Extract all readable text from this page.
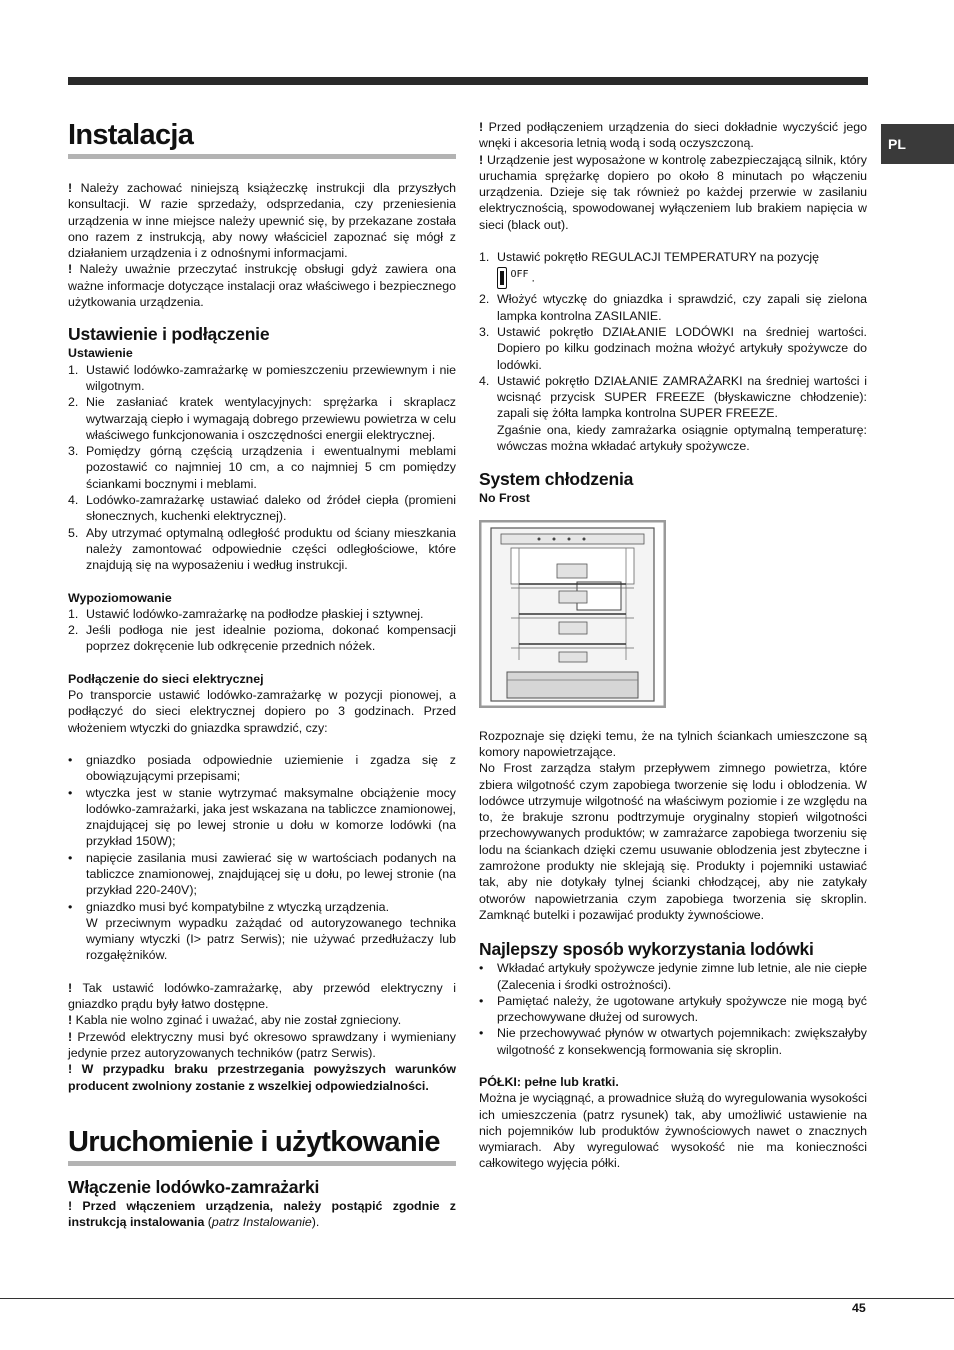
PL
Instalacja

! Należy zachować niniejszą książeczkę instrukcji dla przyszłych konsultacji. W razie sprzedaży, odsprzedania, czy przeniesienia urządzenia w inne miejsce należy upewnić się, by przekazane została ono razem z instrukcją, aby nowy właściciel zapoznać się mógł z działaniem urządzenia i z odnośnymi informacjami.

! Należy uważnie przeczytać instrukcję obsługi gdyż zawiera ona ważne informacje dotyczące instalacji oraz właściwego i bezpiecznego użytkowania urządzenia.

Ustawienie i podłączenie
Ustawienie
1. Ustawić lodówko-zamrażarkę w pomieszczeniu przewiewnym i nie wilgotnym.
2. Nie zasłaniać kratek wentylacyjnych: sprężarka i skraplacz wytwarzają ciepło i wymagają dobrego przewiewu powietrza w celu właściwego funkcjonowania i oszczędności energii elektrycznej.
3. Pomiędzy górną częścią urządzenia i ewentualnymi meblami pozostawić co najmniej 10 cm, a co najmniej 5 cm pomiędzy ściankami bocznymi i meblami.
4. Lodówko-zamrażarkę ustawiać daleko od źródeł ciepła (promieni słonecznych, kuchenki elektrycznej).
5. Aby utrzymać optymalną odległość produktu od ściany mieszkania należy zamontować odpowiednie części odległościowe, które znajdują się na wyposażeniu i według instrukcji.
Wypoziomowanie
1. Ustawić lodówko-zamrażarkę na podłodze płaskiej i sztywnej.
2. Jeśli podłoga nie jest idealnie pozioma, dokonać kompensacji poprzez dokręcenie lub odkręcenie przednich nóżek.
Podłączenie do sieci elektrycznej

Po transporcie ustawić lodówko-zamrażarkę w pozycji pionowej, a podłączyć do sieci elektrycznej dopiero po 3 godzinach. Przed włożeniem wtyczki do gniazdka sprawdzić, czy:

• gniazdko posiada odpowiednie uziemienie i zgadza się z obowiązującymi przepisami;
• wtyczka jest w stanie wytrzymać maksymalne obciążenie mocy lodówko-zamrażarki, jaka jest wskazana na tabliczce znamionowej, znajdującej się po lewej stronie u dołu w komorze lodówki (na przykład 150W);
• napięcie zasilania musi zawierać się w wartościach podanych na tabliczce znamionowej, znajdującej się u dołu, po lewej stronie (na przykład 220-240V);
• gniazdko musi być kompatybilne z wtyczką urządzenia.
W przeciwnym wypadku zażądać od autoryzowanego technika wymiany wtyczki (I> patrz Serwis); nie używać przedłużaczy lub rozgałężników.

! Tak ustawić lodówko-zamrażarkę, aby przewód elektryczny i gniazdko prądu były łatwo dostępne.

! Kabla nie wolno zginać i uważać, aby nie został zgnieciony.

! Przewód elektryczny musi być okresowo sprawdzany i wymieniany jedynie przez autoryzowanych techników (patrz Serwis).

! W przypadku braku przestrzegania powyższych warunków producent zwolniony zostanie z wszelkiej odpowiedzialności.

Uruchomienie i użytkowanie
Włączenie lodówko-zamrażarki

! Przed włączeniem urządzenia, należy postąpić zgodnie z instrukcją instalowania (patrz Instalowanie).

! Przed podłączeniem urządzenia do sieci dokładnie wyczyścić jego wnęki i akcesoria letnią wodą i sodą oczyszczoną.

! Urządzenie jest wyposażone w kontrolę zabezpieczającą silnik, który uruchamia sprężarkę dopiero po około 8 minutach po włączeniu urządzenia. Dzieje się tak również po każdej przerwie w zasilaniu elektrycznością, spowodowanej wyłączeniem lub brakiem napięcia w sieci (black out).

1. Ustawić pokrętło REGULACJI TEMPERATURY na pozycję
$^{OFF}$ .
2. Włożyć wtyczkę do gniazdka i sprawdzić, czy zapali się zielona lampka kontrolna ZASILANIE.
3. Ustawić pokrętło DZIAŁANIE LODÓWKI na średniej wartości. Dopiero po kilku godzinach można włożyć artykuły spożywcze do lodówki.
4. Ustawić pokrętło DZIAŁANIE ZAMRAŻARKI na średniej wartości i wcisnąć przycisk SUPER FREEZE (błyskawiczne chłodzenie): zapali się żółta lampka kontrolna SUPER FREEZE.
Zgaśnie ona, kiedy zamrażarka osiągnie optymalną temperaturę: wówczas można wkładać artykuły spożywcze.
System chłodzenia
No Frost

Rozpoznaje się dzięki temu, że na tylnich ściankach umieszczone są komory napowietrzające.

No Frost zarządza stałym przepływem zimnego powietrza, które zbiera wilgotność czym zapobiega tworzenie się lodu i oblodzenia. W lodówce utrzymuje wilgotność na właściwym poziomie i ze względu na to, że brakuje szronu podtrzymuje oryginalny stopień wilgotności przechowywanych produktów; w zamrażarce zapobiega tworzeniu się lodu na ściankach dzięki czemu usuwanie oblodzenia jest zbyteczne i zamrożone produkty nie sklejają się. Produkty i pojemniki ustawiać tak, aby nie dotykały tylnej ścianki chłodzącej, aby nie zatykały otworów napowietrzania czym zapobiega tworzenia się skroplin. Zamknąć butelki i pozawijać produkty żywnościowe.

Najlepszy sposób wykorzystania lodówki
• Wkładać artykuły spożywcze jedynie zimne lub letnie, ale nie ciepłe (Zalecenia i środki ostrożności).
• Pamiętać należy, że ugotowane artykuły spożywcze nie mogą być przechowywane dłużej od surowych.
• Nie przechowywać płynów w otwartych pojemnikach: zwiększałyby wilgotność z konsekwencją formowania się skroplin.
PÓŁKI: pełne lub kratki.

Można je wyciągnąć, a prowadnice służą do wyregulowania wysokości ich umieszczenia (patrz rysunek) tak, aby umożliwić ustawienie na nich pojemników lub produktów żywnościowych nawet o znacznych wymiarach. Aby wyregulować wysokość nie ma konieczności całkowitego wyjęcia półki.

45
